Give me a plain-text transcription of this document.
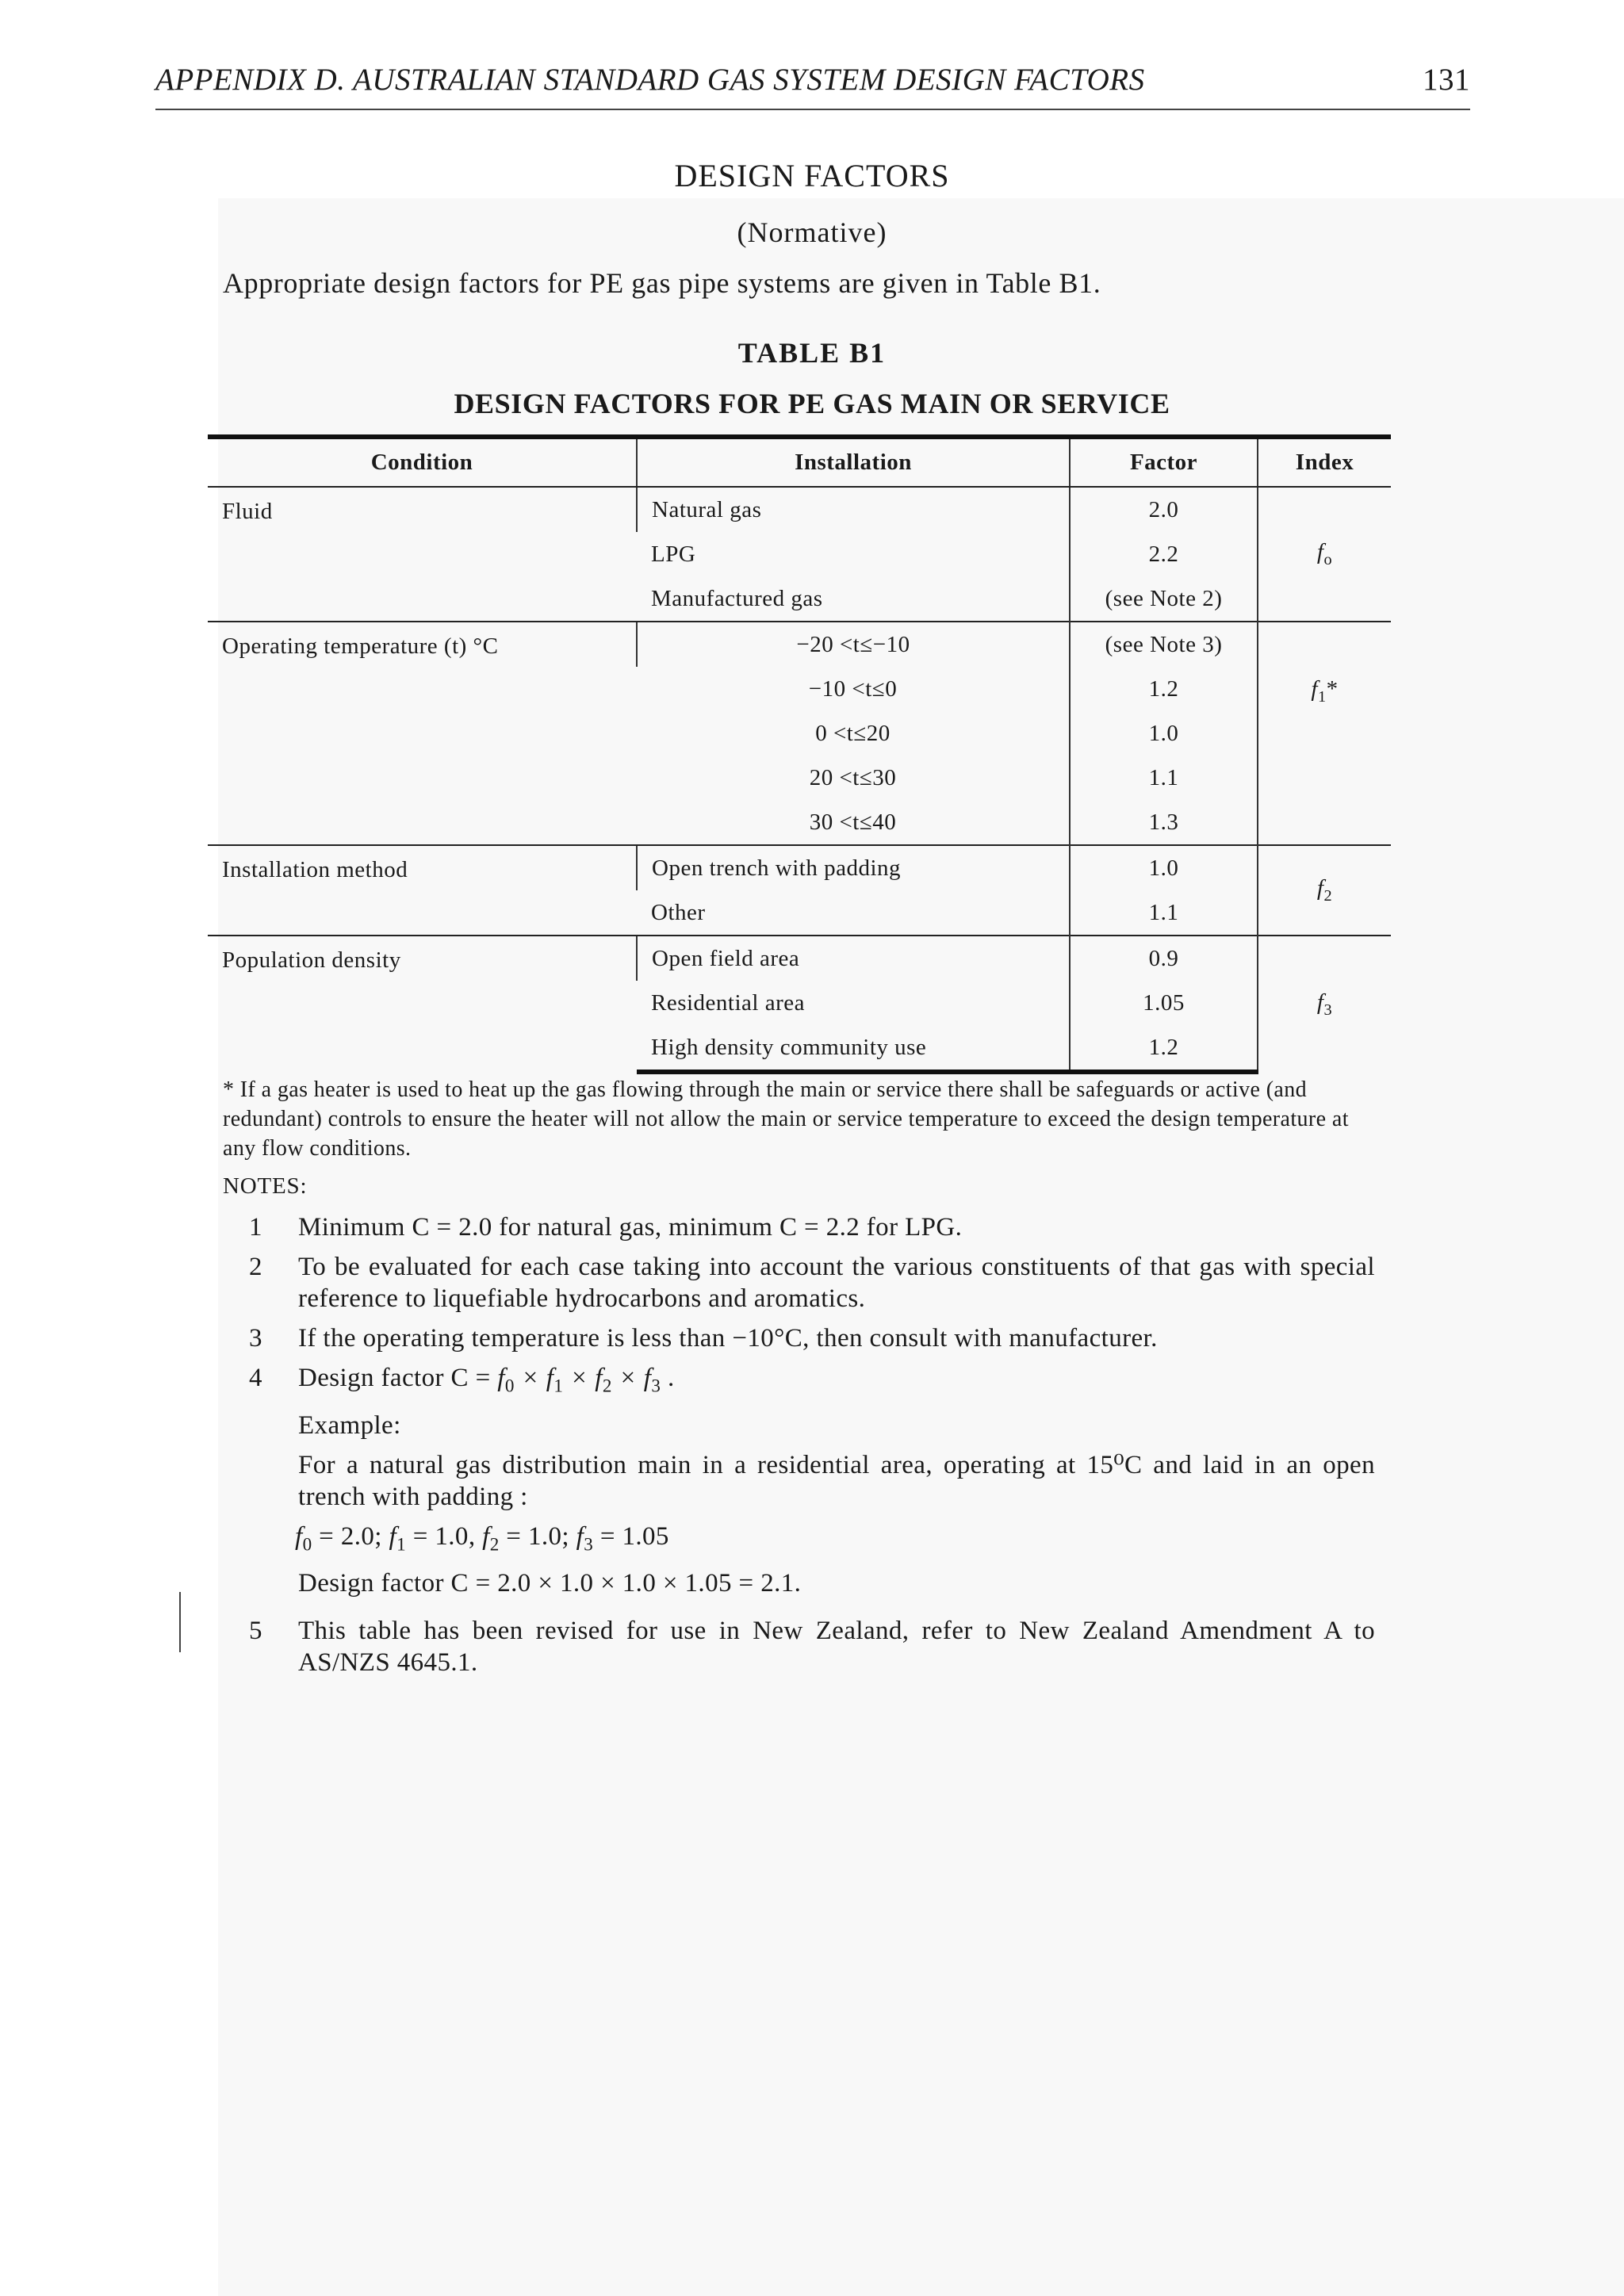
APPENDIX D. AUSTRALIAN STANDARD GAS SYSTEM DESIGN FACTORS	131
DESIGN FACTORS
(Normative)
Appropriate design factors for PE gas pipe systems are given in Table B1.
TABLE B1
DESIGN FACTORS FOR PE GAS MAIN OR SERVICE
Condition	Installation	Factor	Index
Fluid	Natural gas	2.0	$f_o$
	LPG	2.2	
	Manufactured gas	(see Note 2)	
Operating temperature (t) °C	−20 <t≤−10	(see Note 3)	$f_1*$
	−10 <t≤0	1.2	
	0 <t≤20	1.0	
	20 <t≤30	1.1	
	30 <t≤40	1.3	
Installation method	Open trench with padding	1.0	$f_2$
	Other	1.1	
Population density	Open field area	0.9	$f_3$
	Residential area	1.05	
	High density community use	1.2	
* If a gas heater is used to heat up the gas flowing through the main or service there shall be safeguards or active (and redundant) controls to ensure the heater will not allow the main or service temperature to exceed the design temperature at any flow conditions.
NOTES:
1	Minimum C = 2.0 for natural gas, minimum C = 2.2 for LPG.
2	To be evaluated for each case taking into account the various constituents of that gas with special reference to liquefiable hydrocarbons and aromatics.
3	If the operating temperature is less than −10°C, then consult with manufacturer.
4	Design factor $C = f_0 \times f_1 \times f_2 \times f_3$ .
Example:
For a natural gas distribution main in a residential area, operating at 15⁰C and laid in an open trench with padding :
$f_0 = 2.0$; $f_1 = 1.0$, $f_2 = 1.0$; $f_3 = 1.05$
Design factor C = 2.0 × 1.0 × 1.0 × 1.05 = 2.1.
5	This table has been revised for use in New Zealand, refer to New Zealand Amendment A to AS/NZS 4645.1.
